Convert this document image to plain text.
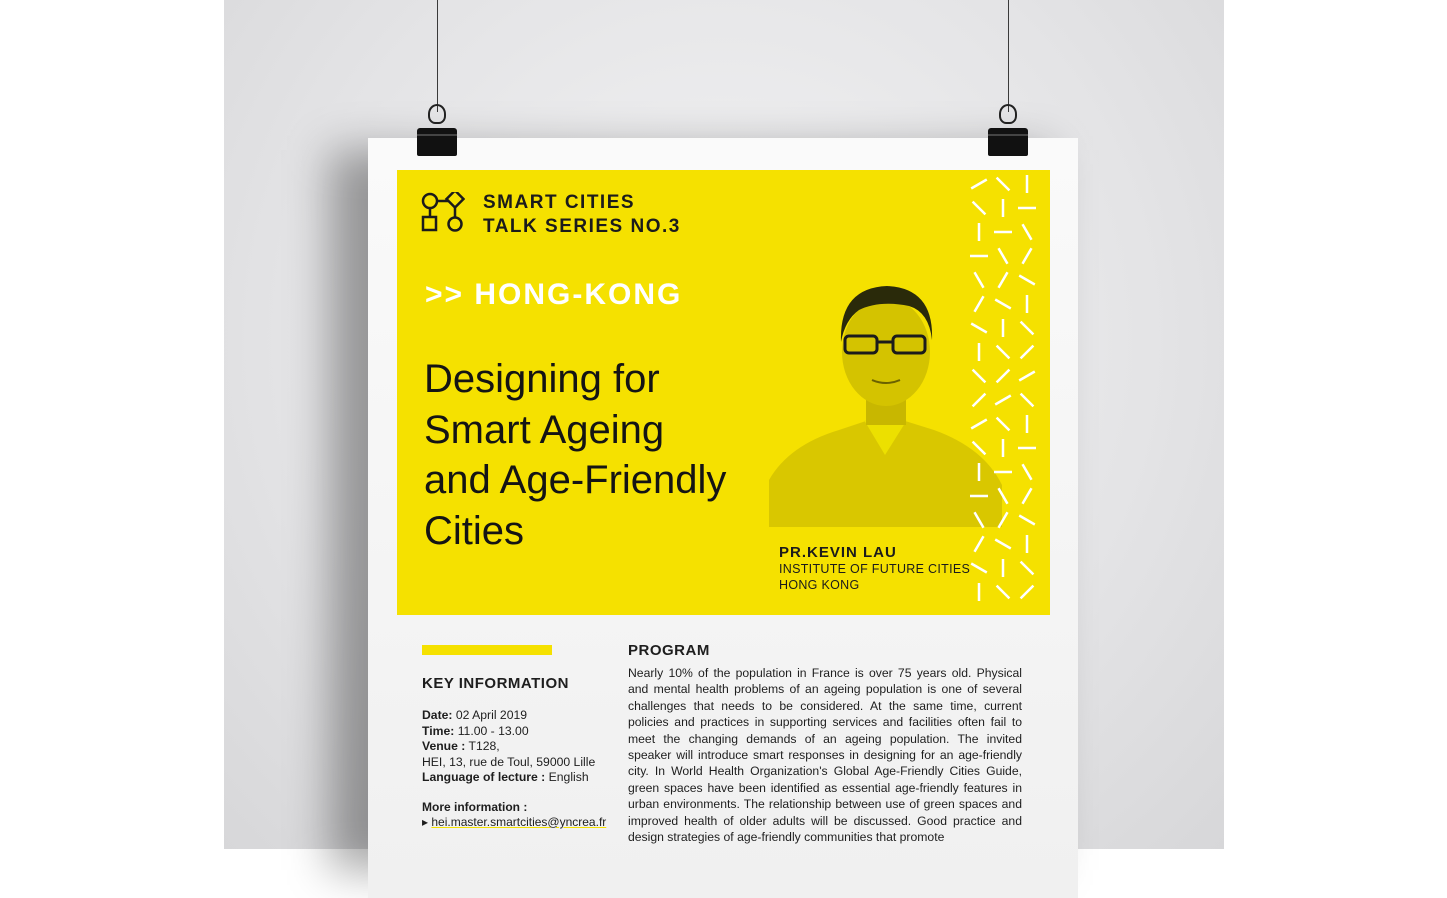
SMART CITIES
TALK SERIES NO.3
>> HONG-KONG
Designing for
Smart Ageing
and Age-Friendly
Cities	PR.KEVIN LAU
INSTITUTE OF FUTURE CITIES
HONG KONG
KEY INFORMATION
Date: 02 April 2019
Time: 11.00 - 13.00
Venue : T128,
HEI, 13, rue de Toul, 59000 Lille
Language of lecture : English
More information :
▸ hei.master.smartcities@yncrea.fr
PROGRAM
Nearly 10% of the population in France is over 75 years old. Physical and mental health problems of an ageing population is one of several challenges that needs to be considered. At the same time, current policies and practices in supporting services and facilities often fail to meet the changing demands of an ageing population. The invited speaker will introduce smart responses in designing for an age-friendly city. In World Health Organization's Global Age-Friendly Cities Guide, green spaces have been identified as essential age-friendly features in urban environments. The relationship between use of green spaces and improved health of older adults will be discussed. Good practice and design strategies of age-friendly communities that promote
